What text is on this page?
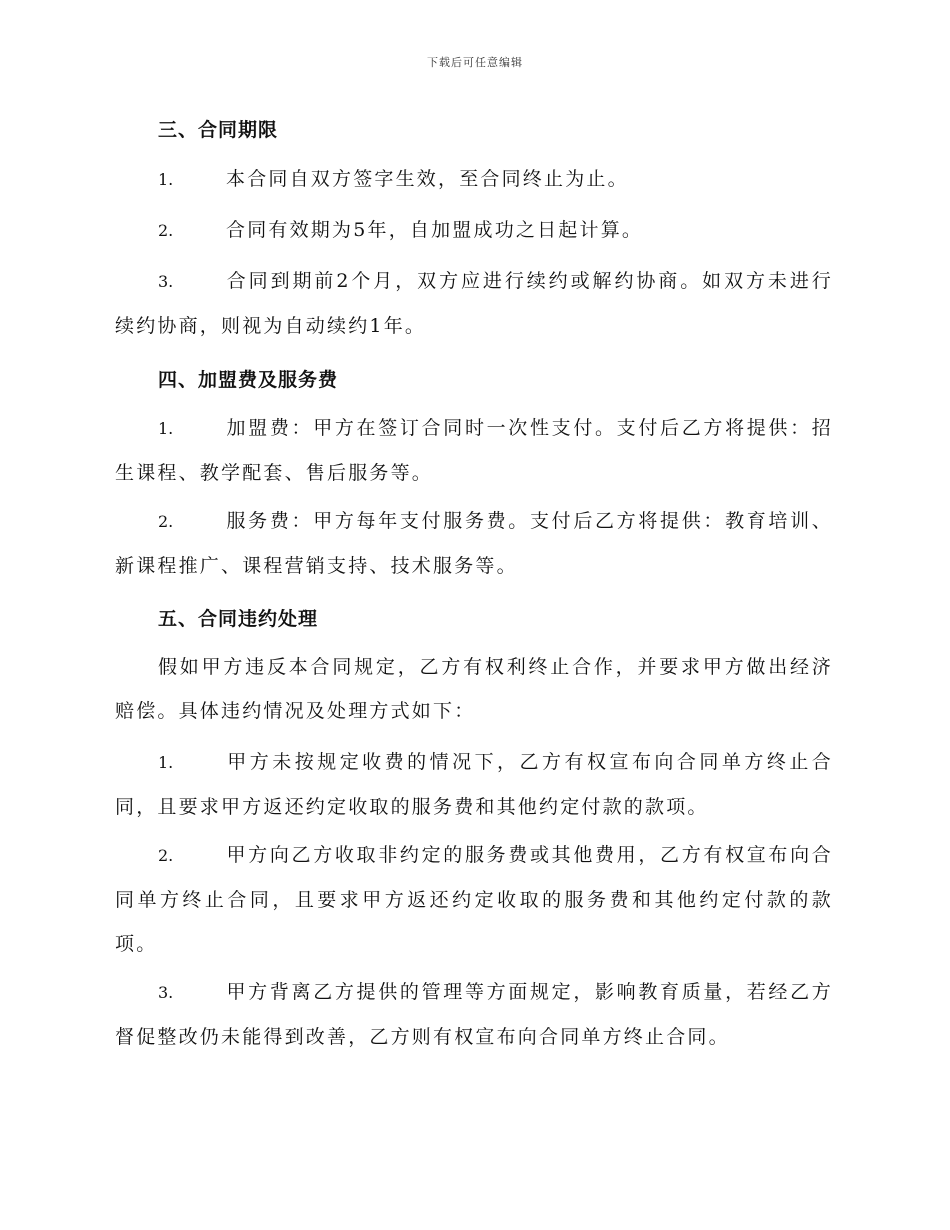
下载后可任意编辑
三、合同期限
1.	本合同自双方签字生效，至合同终止为止。
2.	合同有效期为5年，自加盟成功之日起计算。
3.	合同到期前2个月，双方应进行续约或解约协商。如双方未进行续约协商，则视为自动续约1年。
四、加盟费及服务费
1.	加盟费：甲方在签订合同时一次性支付。支付后乙方将提供：招生课程、教学配套、售后服务等。
2.	服务费：甲方每年支付服务费。支付后乙方将提供：教育培训、新课程推广、课程营销支持、技术服务等。
五、合同违约处理
假如甲方违反本合同规定，乙方有权利终止合作，并要求甲方做出经济赔偿。具体违约情况及处理方式如下：
1.	甲方未按规定收费的情况下，乙方有权宣布向合同单方终止合同，且要求甲方返还约定收取的服务费和其他约定付款的款项。
2.	甲方向乙方收取非约定的服务费或其他费用，乙方有权宣布向合同单方终止合同，且要求甲方返还约定收取的服务费和其他约定付款的款项。
3.	甲方背离乙方提供的管理等方面规定，影响教育质量，若经乙方督促整改仍未能得到改善，乙方则有权宣布向合同单方终止合同。
